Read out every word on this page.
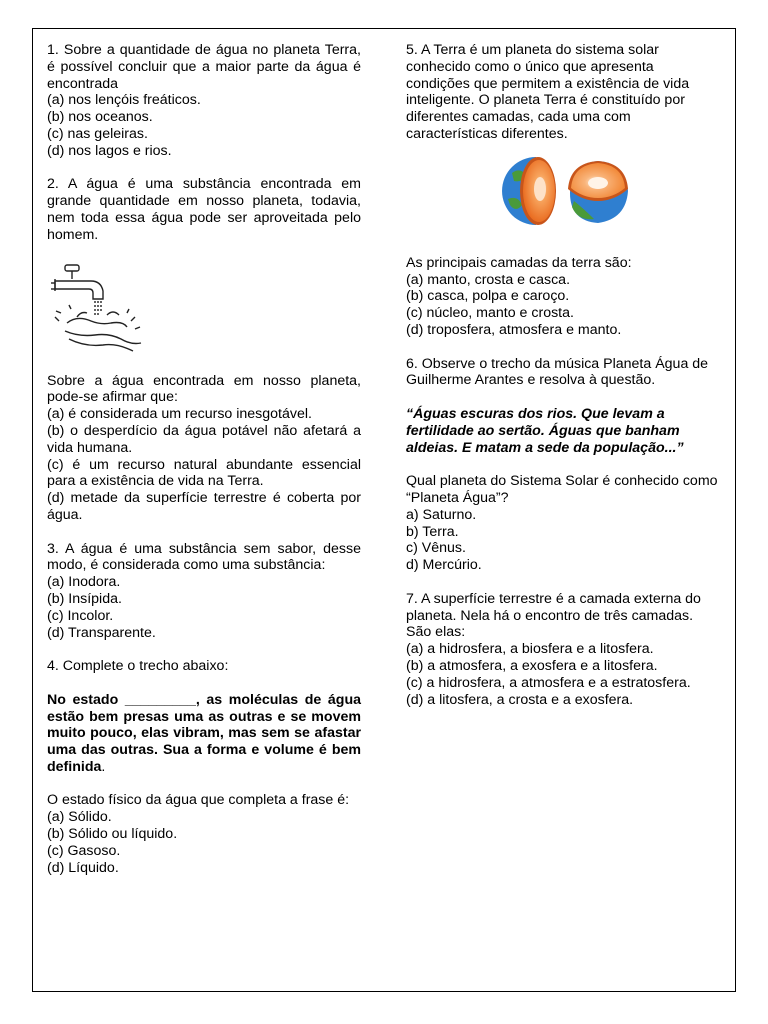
1. Sobre a quantidade de água no planeta Terra, é possível concluir que a maior parte da água é encontrada

(a) nos lençóis freáticos.
(b) nos oceanos.
(c) nas geleiras.
(d) nos lagos e rios.

2. A água é uma substância encontrada em grande quantidade em nosso planeta, todavia, nem toda essa água pode ser aproveitada pelo homem.

Sobre a água encontrada em nosso planeta, pode-se afirmar que:

(a) é considerada um recurso inesgotável.

(b) o desperdício da água potável não afetará a vida humana.

(c) é um recurso natural abundante essencial para a existência de vida na Terra.

(d) metade da superfície terrestre é coberta por água.

3. A água é uma substância sem sabor, desse modo, é considerada como uma substância:

(a) Inodora.
(b) Insípida.
(c) Incolor.
(d) Transparente.

4. Complete o trecho abaixo:

No estado _________, as moléculas de água estão bem presas uma as outras e se movem muito pouco, elas vibram, mas sem se afastar uma das outras. Sua a forma e volume é bem definida.

O estado físico da água que completa a frase é:

(a) Sólido.
(b) Sólido ou líquido.
(c) Gasoso.
(d) Líquido.

5. A Terra é um planeta do sistema solar conhecido como o único que apresenta condições que permitem a existência de vida inteligente. O planeta Terra é constituído por diferentes camadas, cada uma com características diferentes.

As principais camadas da terra são:

(a) manto, crosta e casca.
(b) casca, polpa e caroço.
(c) núcleo, manto e crosta.
(d) troposfera, atmosfera e manto.

6. Observe o trecho da música Planeta Água de Guilherme Arantes e resolva à questão.

“Águas escuras dos rios. Que levam a fertilidade ao sertão. Águas que banham aldeias. E matam a sede da população...”

Qual planeta do Sistema Solar é conhecido como “Planeta Água”?

a) Saturno.
b) Terra.
c) Vênus.
d) Mercúrio.

7. A superfície terrestre é a camada externa do planeta. Nela há o encontro de três camadas. São elas:

(a) a hidrosfera, a biosfera e a litosfera.
(b) a atmosfera, a exosfera e a litosfera.
(c) a hidrosfera, a atmosfera e a estratosfera.
(d) a litosfera, a crosta e a exosfera.
